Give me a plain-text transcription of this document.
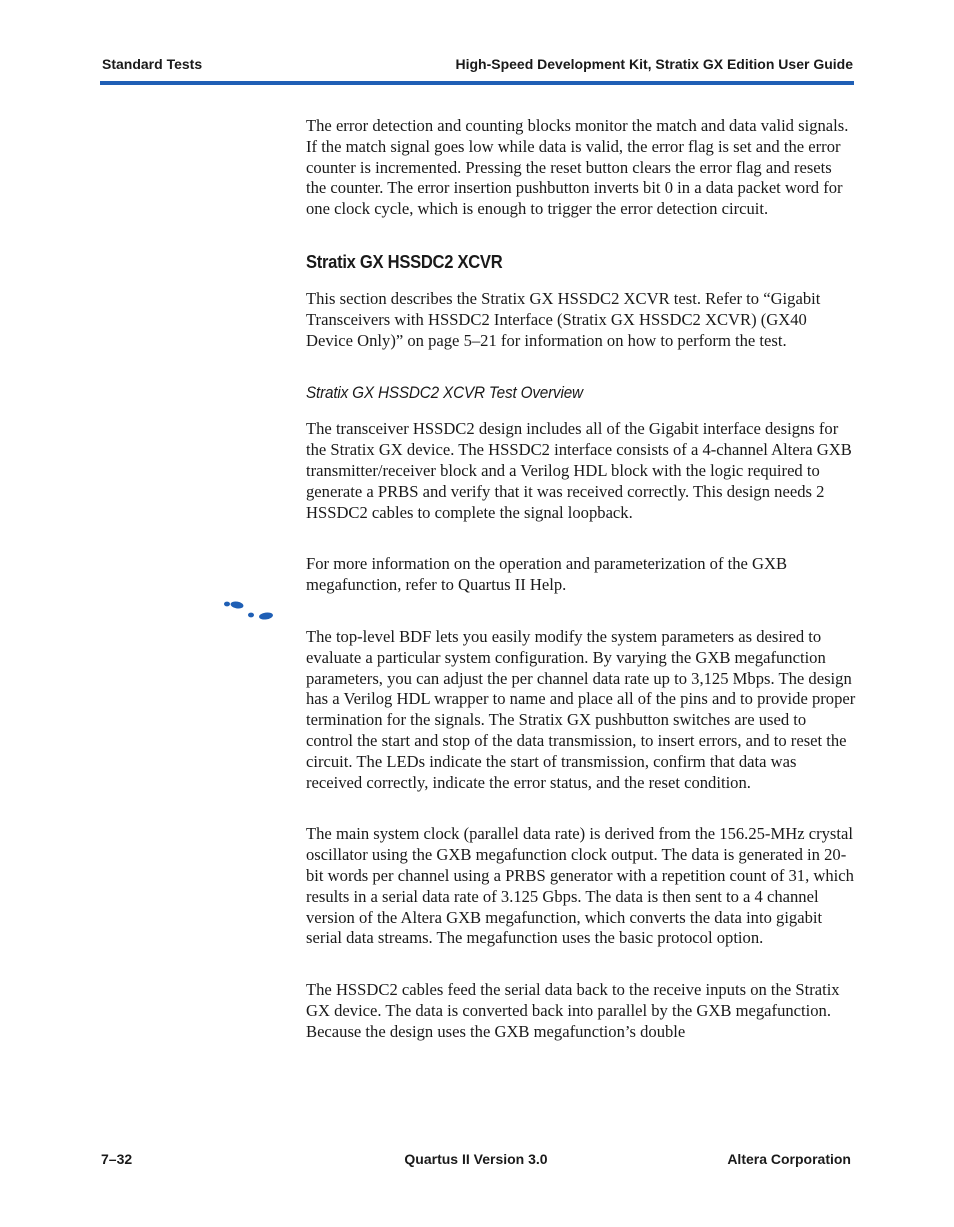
Standard Tests	High-Speed Development Kit, Stratix GX Edition User Guide

The error detection and counting blocks monitor the match and data valid signals. If the match signal goes low while data is valid, the error flag is set and the error counter is incremented. Pressing the reset button clears the error flag and resets the counter. The error insertion pushbutton inverts bit 0 in a data packet word for one clock cycle, which is enough to trigger the error detection circuit.

Stratix GX HSSDC2 XCVR

This section describes the Stratix GX HSSDC2 XCVR test. Refer to “Gigabit Transceivers with HSSDC2 Interface (Stratix GX HSSDC2 XCVR) (GX40 Device Only)” on page 5–21 for information on how to perform the test.

Stratix GX HSSDC2 XCVR Test Overview

The transceiver HSSDC2 design includes all of the Gigabit interface designs for the Stratix GX device. The HSSDC2 interface consists of a 4-channel Altera GXB transmitter/receiver block and a Verilog HDL block with the logic required to generate a PRBS and verify that it was received correctly. This design needs 2 HSSDC2 cables to complete the signal loopback.

For more information on the operation and parameterization of the GXB megafunction, refer to Quartus II Help.

The top-level BDF lets you easily modify the system parameters as desired to evaluate a particular system configuration. By varying the GXB megafunction parameters, you can adjust the per channel data rate up to 3,125 Mbps. The design has a Verilog HDL wrapper to name and place all of the pins and to provide proper termination for the signals. The Stratix GX pushbutton switches are used to control the start and stop of the data transmission, to insert errors, and to reset the circuit. The LEDs indicate the start of transmission, confirm that data was received correctly, indicate the error status, and the reset condition.

The main system clock (parallel data rate) is derived from the 156.25-MHz crystal oscillator using the GXB megafunction clock output. The data is generated in 20-bit words per channel using a PRBS generator with a repetition count of 31, which results in a serial data rate of 3.125 Gbps. The data is then sent to a 4 channel version of the Altera GXB megafunction, which converts the data into gigabit serial data streams. The megafunction uses the basic protocol option.

The HSSDC2 cables feed the serial data back to the receive inputs on the Stratix GX device. The data is converted back into parallel by the GXB megafunction. Because the design uses the GXB megafunction’s double

7–32	Quartus II Version 3.0	Altera Corporation
